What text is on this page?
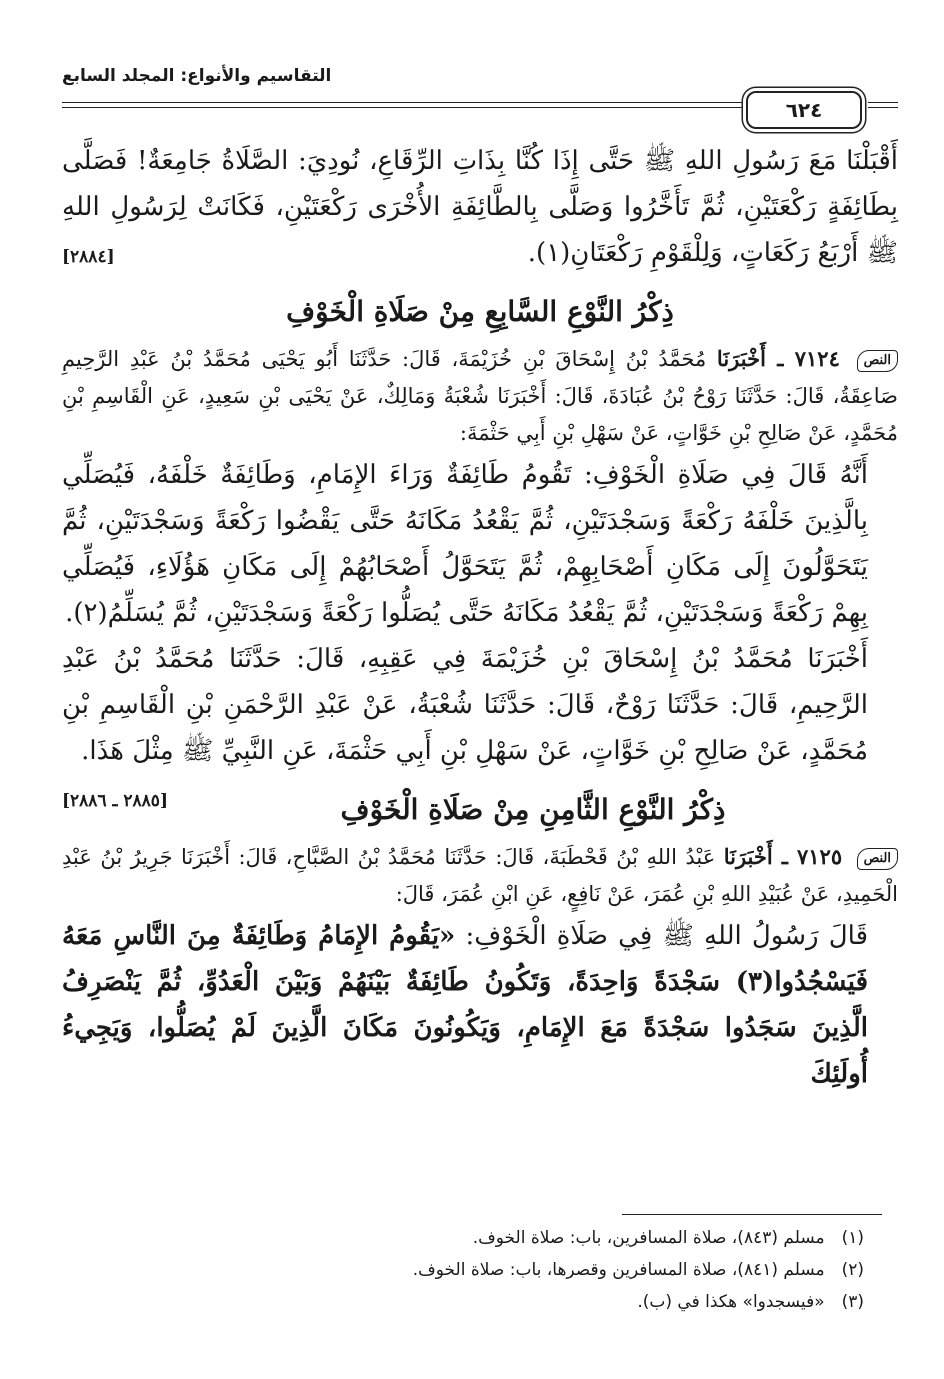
التقاسيم والأنواع: المجلد السابع
٦٢٤

أَقْبَلْنَا مَعَ رَسُولِ اللهِ ﷺ حَتَّى إِذَا كُنَّا بِذَاتِ الرِّقَاعِ، نُودِيَ: الصَّلَاةُ جَامِعَةٌ! فَصَلَّى بِطَائِفَةٍ رَكْعَتَيْنِ، ثُمَّ تَأَخَّرُوا وَصَلَّى بِالطَّائِفَةِ الأُخْرَى رَكْعَتَيْنِ، فَكَانَتْ لِرَسُولِ اللهِ ﷺ أَرْبَعُ رَكَعَاتٍ، وَلِلْقَوْمِ رَكْعَتَانِ(١).
[٢٨٨٤]

ذِكْرُ النَّوْعِ السَّابِعِ مِنْ صَلَاةِ الْخَوْفِ

النص ٧١٢٤ ـ أَخْبَرَنَا مُحَمَّدُ بْنُ إِسْحَاقَ بْنِ خُزَيْمَةَ، قَالَ: حَدَّثَنَا أَبُو يَحْيَى مُحَمَّدُ بْنُ عَبْدِ الرَّحِيمِ صَاعِقَةُ، قَالَ: حَدَّثَنَا رَوْحُ بْنُ عُبَادَةَ، قَالَ: أَخْبَرَنَا شُعْبَةُ وَمَالِكٌ، عَنْ يَحْيَى بْنِ سَعِيدٍ، عَنِ الْقَاسِمِ بْنِ مُحَمَّدٍ، عَنْ صَالِحِ بْنِ خَوَّاتٍ، عَنْ سَهْلِ بْنِ أَبِي حَثْمَةَ:

أَنَّهُ قَالَ فِي صَلَاةِ الْخَوْفِ: تَقُومُ طَائِفَةٌ وَرَاءَ الإِمَامِ، وَطَائِفَةٌ خَلْفَهُ، فَيُصَلِّي بِالَّذِينَ خَلْفَهُ رَكْعَةً وَسَجْدَتَيْنِ، ثُمَّ يَقْعُدُ مَكَانَهُ حَتَّى يَقْضُوا رَكْعَةً وَسَجْدَتَيْنِ، ثُمَّ يَتَحَوَّلُونَ إِلَى مَكَانِ أَصْحَابِهِمْ، ثُمَّ يَتَحَوَّلُ أَصْحَابُهُمْ إِلَى مَكَانِ هَؤُلَاءِ، فَيُصَلِّي بِهِمْ رَكْعَةً وَسَجْدَتَيْنِ، ثُمَّ يَقْعُدُ مَكَانَهُ حَتَّى يُصَلُّوا رَكْعَةً وَسَجْدَتَيْنِ، ثُمَّ يُسَلِّمُ(٢).

أَخْبَرَنَا مُحَمَّدُ بْنُ إِسْحَاقَ بْنِ خُزَيْمَةَ فِي عَقِبِهِ، قَالَ: حَدَّثَنَا مُحَمَّدُ بْنُ عَبْدِ الرَّحِيمِ، قَالَ: حَدَّثَنَا رَوْحٌ، قَالَ: حَدَّثَنَا شُعْبَةُ، عَنْ عَبْدِ الرَّحْمَنِ بْنِ الْقَاسِمِ بْنِ مُحَمَّدٍ، عَنْ صَالِحِ بْنِ خَوَّاتٍ، عَنْ سَهْلِ بْنِ أَبِي حَثْمَةَ، عَنِ النَّبِيِّ ﷺ مِثْلَ هَذَا.
[٢٨٨٥ ـ ٢٨٨٦]	ذِكْرُ النَّوْعِ الثَّامِنِ مِنْ صَلَاةِ الْخَوْفِ

النص ٧١٢٥ ـ أَخْبَرَنَا عَبْدُ اللهِ بْنُ قَحْطَبَةَ، قَالَ: حَدَّثَنَا مُحَمَّدُ بْنُ الصَّبَّاحِ، قَالَ: أَخْبَرَنَا جَرِيرُ بْنُ عَبْدِ الْحَمِيدِ، عَنْ عُبَيْدِ اللهِ بْنِ عُمَرَ، عَنْ نَافِعٍ، عَنِ ابْنِ عُمَرَ، قَالَ:

قَالَ رَسُولُ اللهِ ﷺ فِي صَلَاةِ الْخَوْفِ: «يَقُومُ الإِمَامُ وَطَائِفَةٌ مِنَ النَّاسِ مَعَهُ فَيَسْجُدُوا(٣) سَجْدَةً وَاحِدَةً، وَتَكُونُ طَائِفَةٌ بَيْنَهُمْ وَبَيْنَ الْعَدُوِّ، ثُمَّ يَنْصَرِفُ الَّذِينَ سَجَدُوا سَجْدَةً مَعَ الإِمَامِ، وَيَكُونُونَ مَكَانَ الَّذِينَ لَمْ يُصَلُّوا، وَيَجِيءُ أُولَئِكَ

(١) مسلم (٨٤٣)، صلاة المسافرين، باب: صلاة الخوف.

(٢) مسلم (٨٤١)، صلاة المسافرين وقصرها، باب: صلاة الخوف.

(٣) «فيسجدوا» هكذا في (ب).
